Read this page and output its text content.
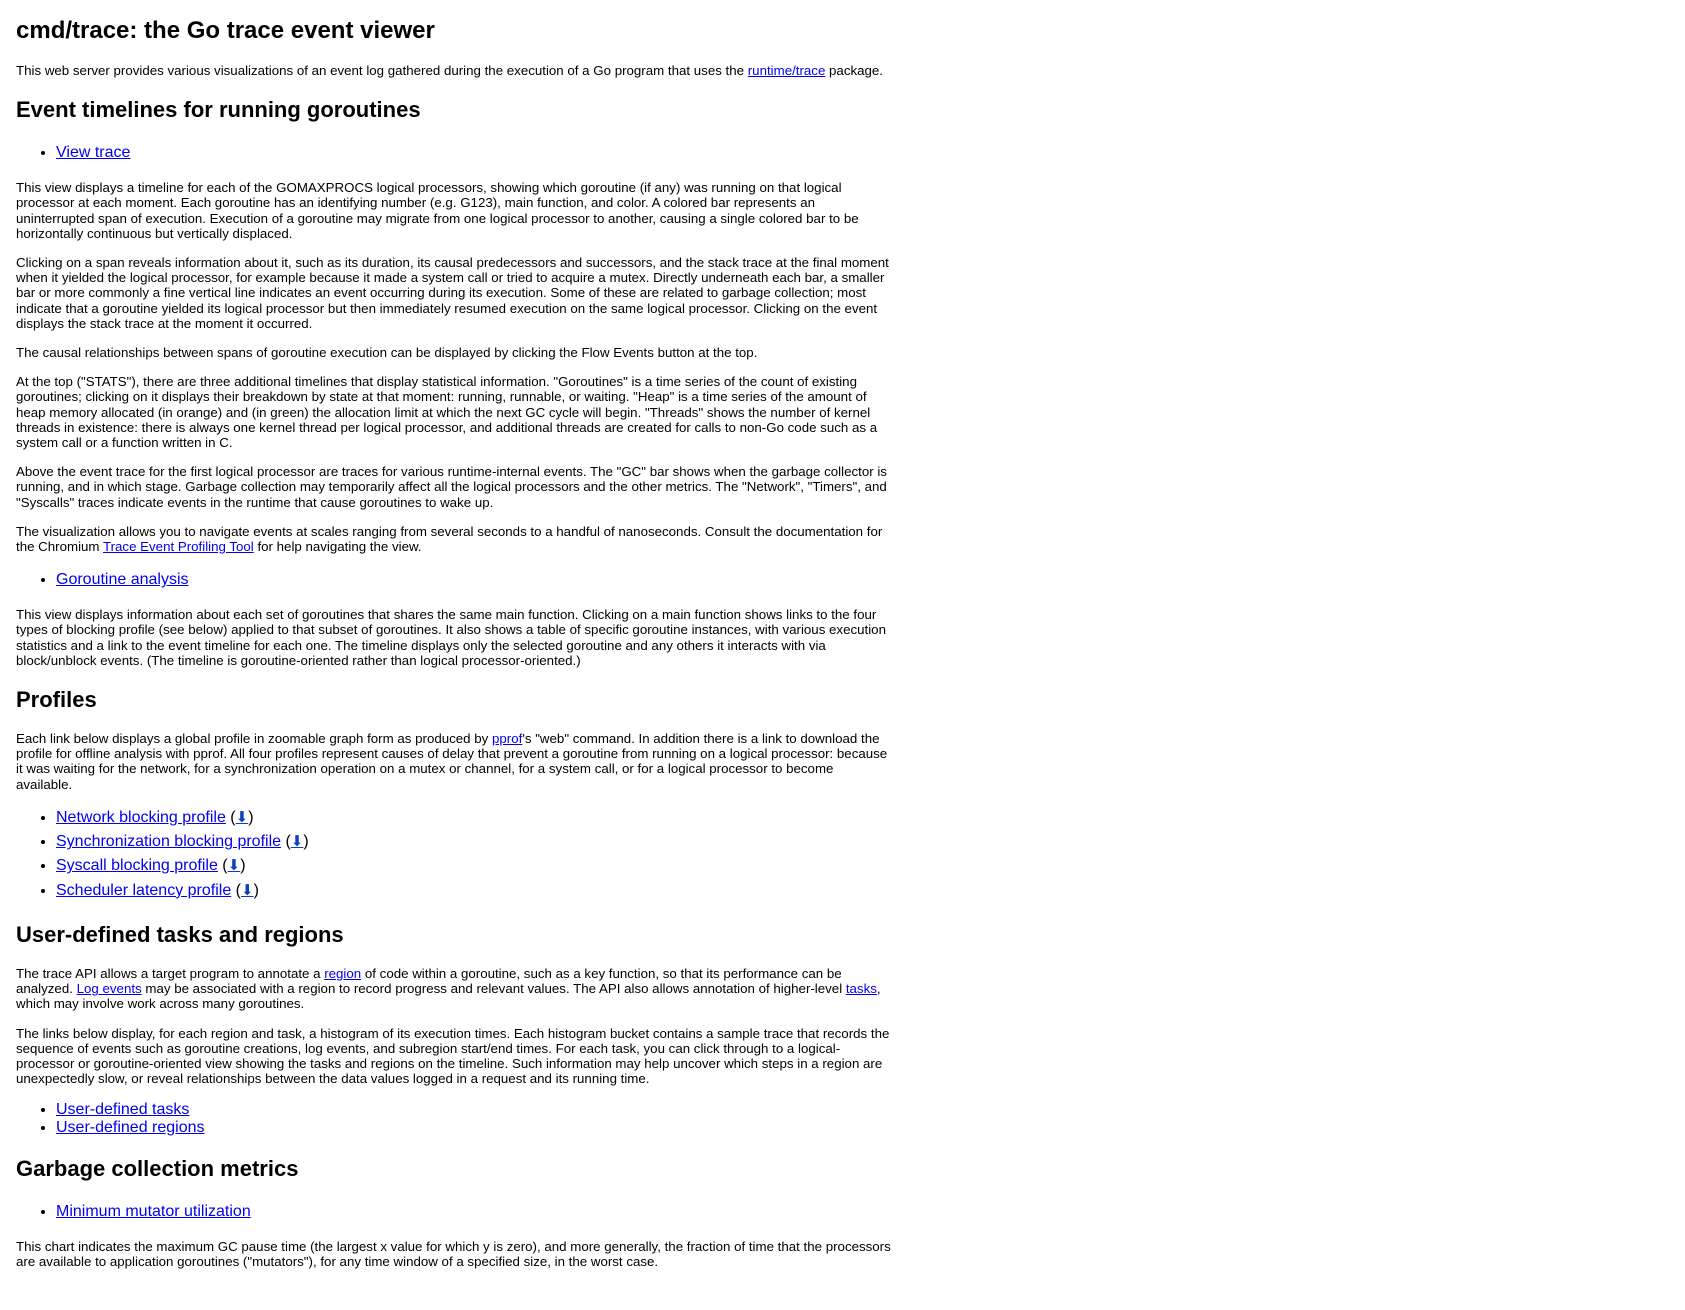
cmd/trace: the Go trace event viewer

This web server provides various visualizations of an event log gathered during the execution of a Go program that uses the runtime/trace package.

Event timelines for running goroutines
• View trace

This view displays a timeline for each of the GOMAXPROCS logical processors, showing which goroutine (if any) was running on that logical processor at each moment. Each goroutine has an identifying number (e.g. G123), main function, and color. A colored bar represents an uninterrupted span of execution. Execution of a goroutine may migrate from one logical processor to another, causing a single colored bar to be horizontally continuous but vertically displaced.

Clicking on a span reveals information about it, such as its duration, its causal predecessors and successors, and the stack trace at the final moment when it yielded the logical processor, for example because it made a system call or tried to acquire a mutex. Directly underneath each bar, a smaller bar or more commonly a fine vertical line indicates an event occurring during its execution. Some of these are related to garbage collection; most indicate that a goroutine yielded its logical processor but then immediately resumed execution on the same logical processor. Clicking on the event displays the stack trace at the moment it occurred.

The causal relationships between spans of goroutine execution can be displayed by clicking the Flow Events button at the top.

At the top ("STATS"), there are three additional timelines that display statistical information. "Goroutines" is a time series of the count of existing goroutines; clicking on it displays their breakdown by state at that moment: running, runnable, or waiting. "Heap" is a time series of the amount of heap memory allocated (in orange) and (in green) the allocation limit at which the next GC cycle will begin. "Threads" shows the number of kernel threads in existence: there is always one kernel thread per logical processor, and additional threads are created for calls to non-Go code such as a system call or a function written in C.

Above the event trace for the first logical processor are traces for various runtime-internal events. The "GC" bar shows when the garbage collector is running, and in which stage. Garbage collection may temporarily affect all the logical processors and the other metrics. The "Network", "Timers", and "Syscalls" traces indicate events in the runtime that cause goroutines to wake up.

The visualization allows you to navigate events at scales ranging from several seconds to a handful of nanoseconds. Consult the documentation for the Chromium Trace Event Profiling Tool for help navigating the view.

• Goroutine analysis

This view displays information about each set of goroutines that shares the same main function. Clicking on a main function shows links to the four types of blocking profile (see below) applied to that subset of goroutines. It also shows a table of specific goroutine instances, with various execution statistics and a link to the event timeline for each one. The timeline displays only the selected goroutine and any others it interacts with via block/unblock events. (The timeline is goroutine-oriented rather than logical processor-oriented.)

Profiles

Each link below displays a global profile in zoomable graph form as produced by pprof's "web" command. In addition there is a link to download the profile for offline analysis with pprof. All four profiles represent causes of delay that prevent a goroutine from running on a logical processor: because it was waiting for the network, for a synchronization operation on a mutex or channel, for a system call, or for a logical processor to become available.

• Network blocking profile (⬇)
• Synchronization blocking profile (⬇)
• Syscall blocking profile (⬇)
• Scheduler latency profile (⬇)
User-defined tasks and regions

The trace API allows a target program to annotate a region of code within a goroutine, such as a key function, so that its performance can be analyzed. Log events may be associated with a region to record progress and relevant values. The API also allows annotation of higher-level tasks, which may involve work across many goroutines.

The links below display, for each region and task, a histogram of its execution times. Each histogram bucket contains a sample trace that records the sequence of events such as goroutine creations, log events, and subregion start/end times. For each task, you can click through to a logical-processor or goroutine-oriented view showing the tasks and regions on the timeline. Such information may help uncover which steps in a region are unexpectedly slow, or reveal relationships between the data values logged in a request and its running time.

• User-defined tasks
• User-defined regions
Garbage collection metrics
• Minimum mutator utilization

This chart indicates the maximum GC pause time (the largest x value for which y is zero), and more generally, the fraction of time that the processors are available to application goroutines ("mutators"), for any time window of a specified size, in the worst case.
